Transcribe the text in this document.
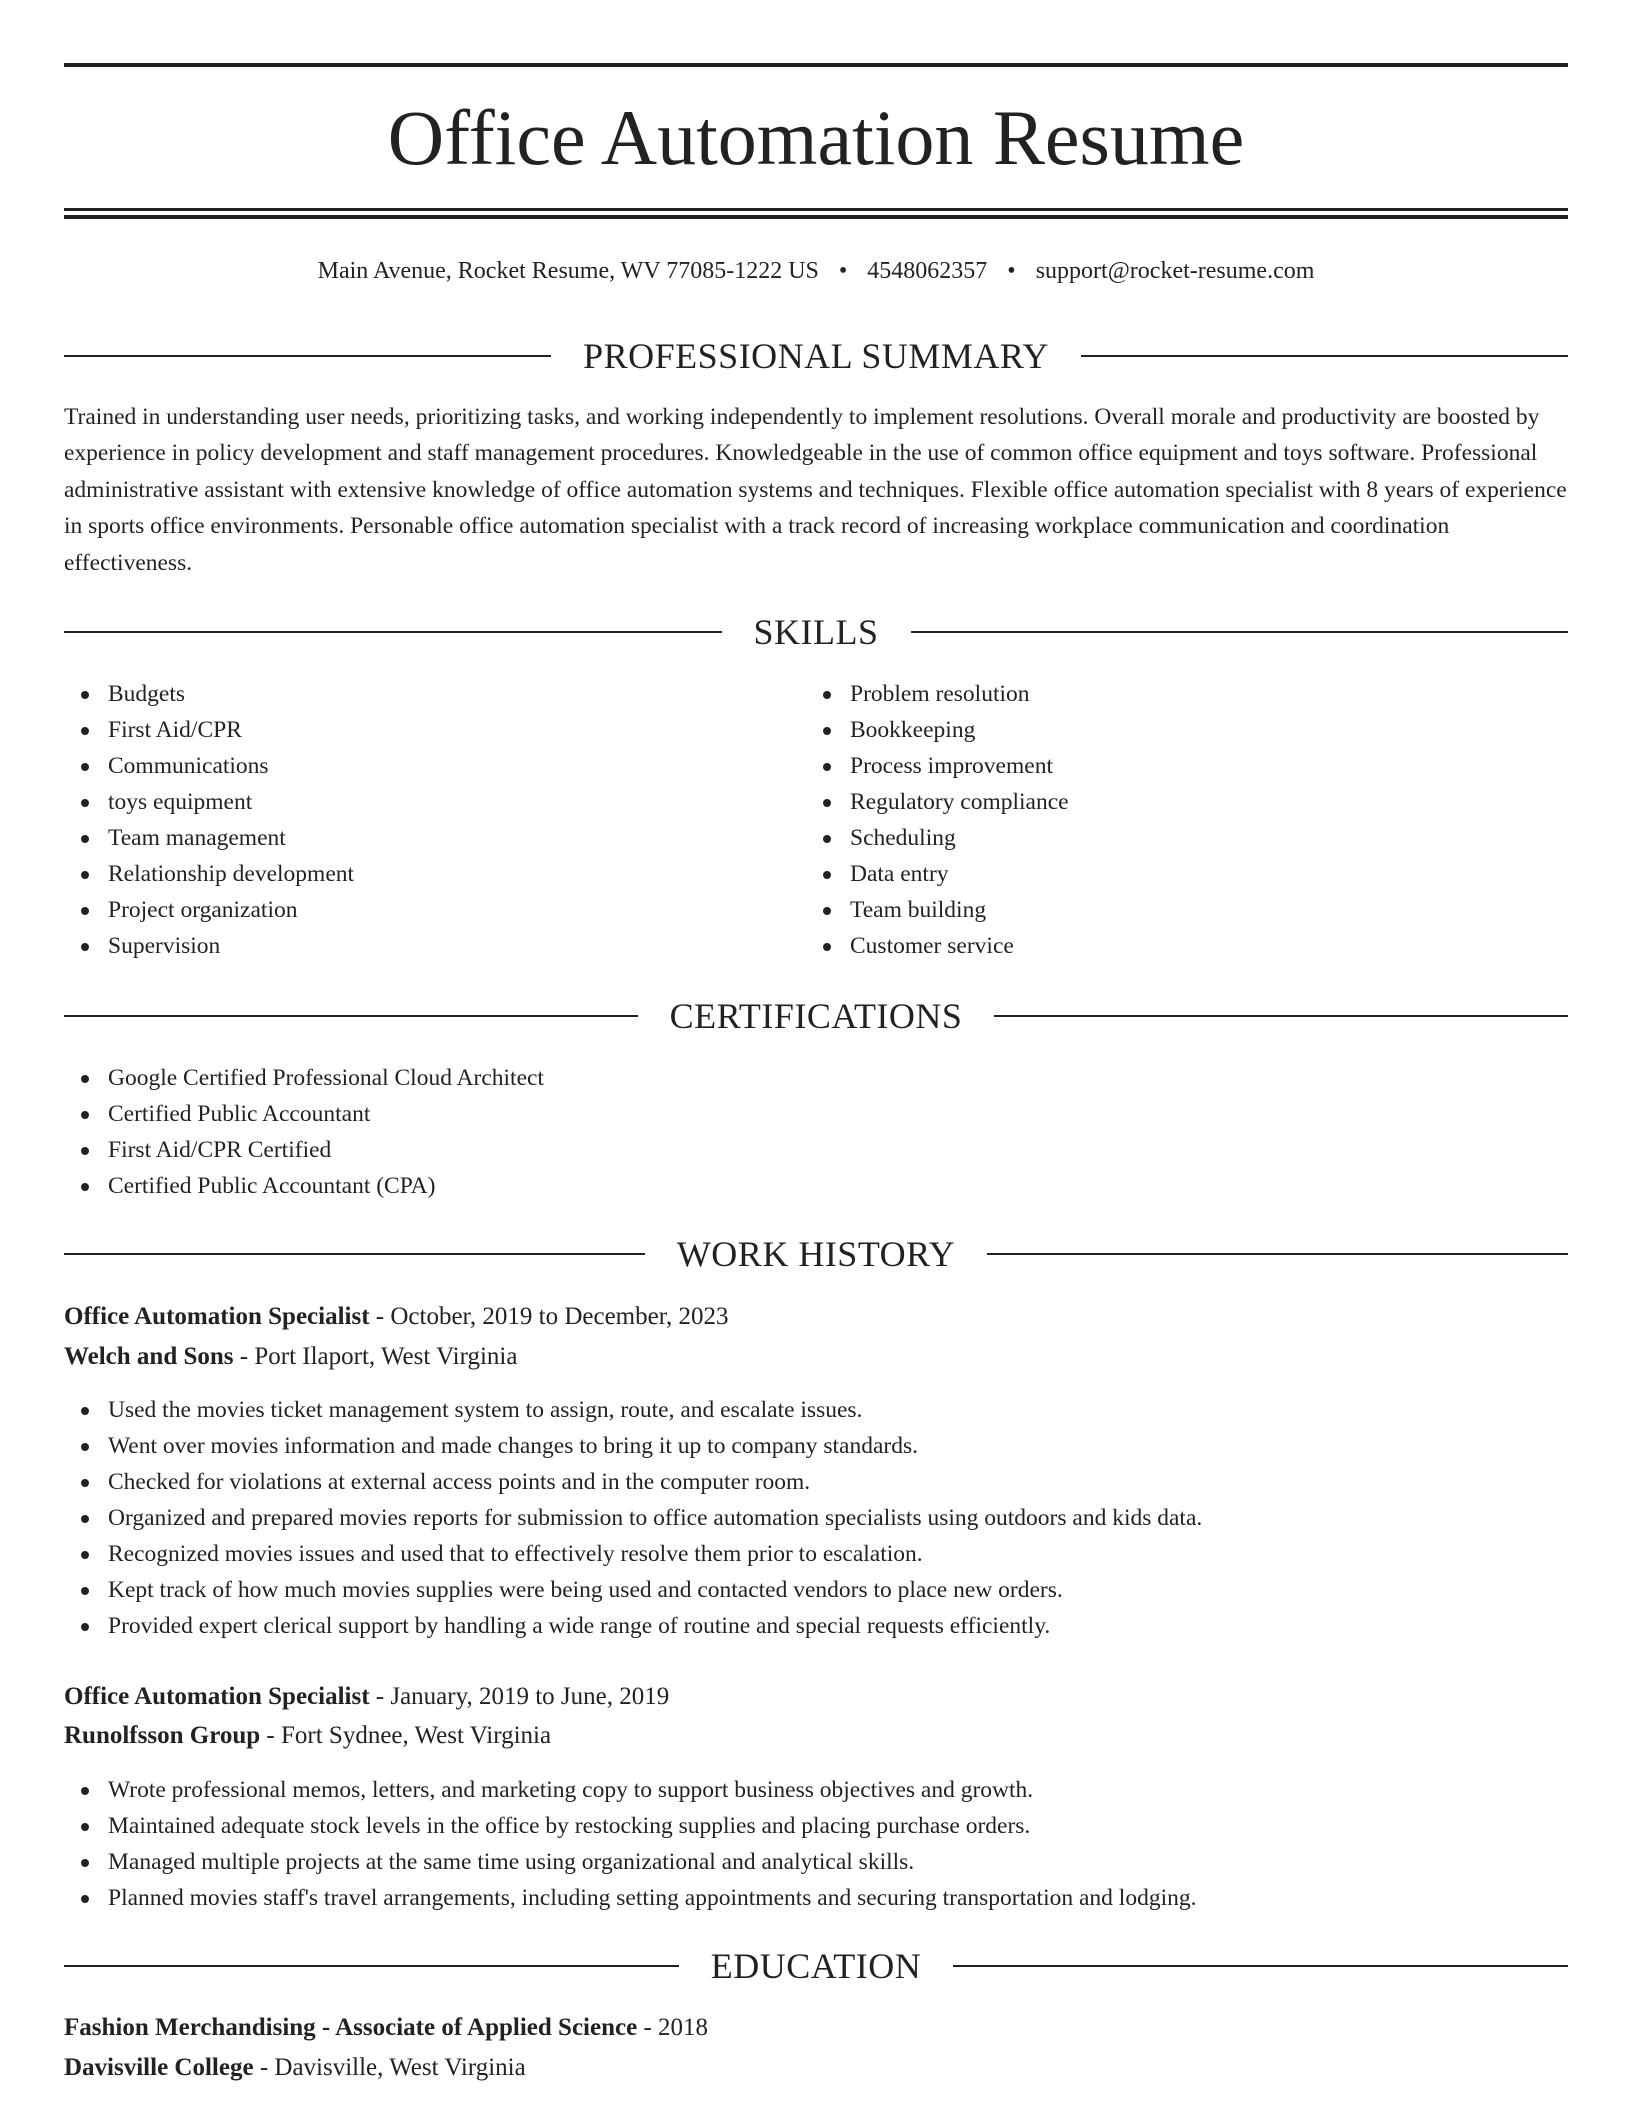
Office Automation Resume
Main Avenue, Rocket Resume, WV 77085-1222 US • 4548062357 • support@rocket-resume.com
PROFESSIONAL SUMMARY

Trained in understanding user needs, prioritizing tasks, and working independently to implement resolutions. Overall morale and productivity are boosted by experience in policy development and staff management procedures. Knowledgeable in the use of common office equipment and toys software. Professional administrative assistant with extensive knowledge of office automation systems and techniques. Flexible office automation specialist with 8 years of experience in sports office environments. Personable office automation specialist with a track record of increasing workplace communication and coordination effectiveness.

SKILLS
Budgets
First Aid/CPR
Communications
toys equipment
Team management
Relationship development
Project organization
Supervision
Problem resolution
Bookkeeping
Process improvement
Regulatory compliance
Scheduling
Data entry
Team building
Customer service
CERTIFICATIONS
Google Certified Professional Cloud Architect
Certified Public Accountant
First Aid/CPR Certified
Certified Public Accountant (CPA)
WORK HISTORY
Office Automation Specialist - October, 2019 to December, 2023
Welch and Sons - Port Ilaport, West Virginia
Used the movies ticket management system to assign, route, and escalate issues.
Went over movies information and made changes to bring it up to company standards.
Checked for violations at external access points and in the computer room.
Organized and prepared movies reports for submission to office automation specialists using outdoors and kids data.
Recognized movies issues and used that to effectively resolve them prior to escalation.
Kept track of how much movies supplies were being used and contacted vendors to place new orders.
Provided expert clerical support by handling a wide range of routine and special requests efficiently.
Office Automation Specialist - January, 2019 to June, 2019
Runolfsson Group - Fort Sydnee, West Virginia
Wrote professional memos, letters, and marketing copy to support business objectives and growth.
Maintained adequate stock levels in the office by restocking supplies and placing purchase orders.
Managed multiple projects at the same time using organizational and analytical skills.
Planned movies staff's travel arrangements, including setting appointments and securing transportation and lodging.
EDUCATION
Fashion Merchandising - Associate of Applied Science - 2018
Davisville College - Davisville, West Virginia
